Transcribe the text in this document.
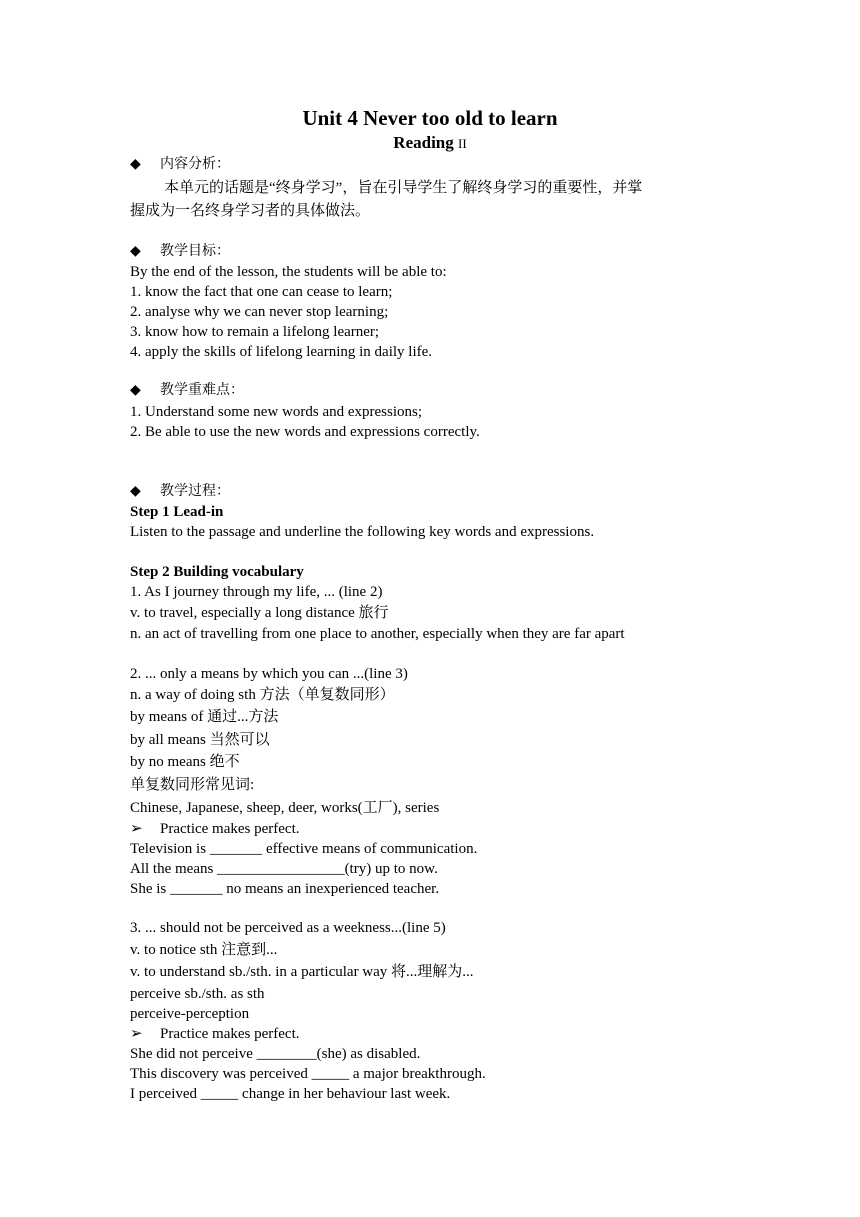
Unit 4 Never too old to learn
Reading II
◆ 内容分析：
本单元的话题是“终身学习”，旨在引导学生了解终身学习的重要性，并掌
握成为一名终身学习者的具体做法。
◆ 教学目标：
By the end of the lesson, the students will be able to:
1. know the fact that one can cease to learn;
2. analyse why we can never stop learning;
3. know how to remain a lifelong learner;
4. apply the skills of lifelong learning in daily life.
◆ 教学重难点：
1. Understand some new words and expressions;
2. Be able to use the new words and expressions correctly.
◆ 教学过程：
Step 1 Lead-in
Listen to the passage and underline the following key words and expressions.
Step 2 Building vocabulary
1. As I journey through my life, ... (line 2)
v. to travel, especially a long distance 旅行
n. an act of travelling from one place to another, especially when they are far apart
2. ... only a means by which you can ...(line 3)
n. a way of doing sth 方法（单复数同形）
by means of 通过...方法
by all means 当然可以
by no means 绝不
单复数同形常见词:
Chinese, Japanese, sheep, deer, works(工厂), series
➢ Practice makes perfect.
Television is _______ effective means of communication.
All the means _________________(try) up to now.
She is _______ no means an inexperienced teacher.
3. ... should not be perceived as a weekness...(line 5)
v. to notice sth 注意到...
v. to understand sb./sth. in a particular way 将...理解为...
perceive sb./sth. as sth
perceive-perception
➢ Practice makes perfect.
She did not perceive ________(she) as disabled.
This discovery was perceived _____ a major breakthrough.
I perceived _____ change in her behaviour last week.
